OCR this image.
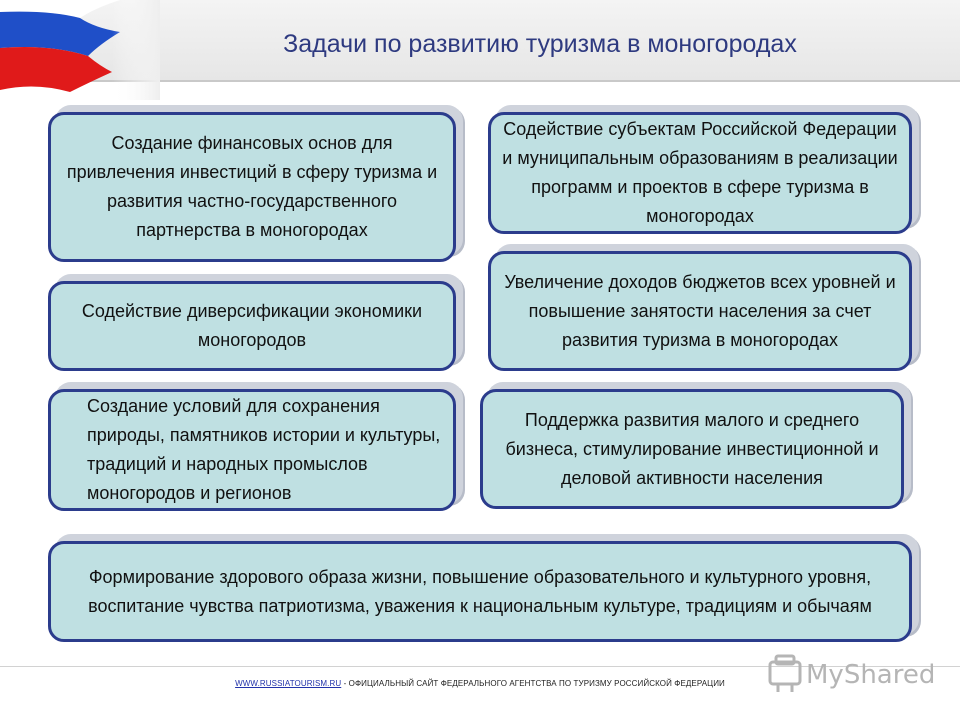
Задачи по развитию туризма в моногородах
Создание финансовых основ для привлечения инвестиций в сферу туризма и развития частно-государственного партнерства в моногородах
Содействие субъектам Российской Федерации и муниципальным образованиям в реализации программ и проектов в сфере туризма в моногородах
Содействие диверсификации экономики моногородов
Увеличение доходов бюджетов всех уровней и повышение занятости населения за счет развития туризма в моногородах
Создание условий для сохранения природы, памятников истории и культуры, традиций и народных промыслов моногородов и регионов
Поддержка развития малого и среднего бизнеса, стимулирование инвестиционной и деловой активности населения
Формирование здорового образа жизни, повышение образовательного и культурного уровня, воспитание чувства патриотизма, уважения к национальным культуре, традициям и обычаям
WWW.RUSSIATOURISM.RU - ОФИЦИАЛЬНЫЙ САЙТ ФЕДЕРАЛЬНОГО АГЕНТСТВА ПО ТУРИЗМУ РОССИЙСКОЙ ФЕДЕРАЦИИ	MyShared
